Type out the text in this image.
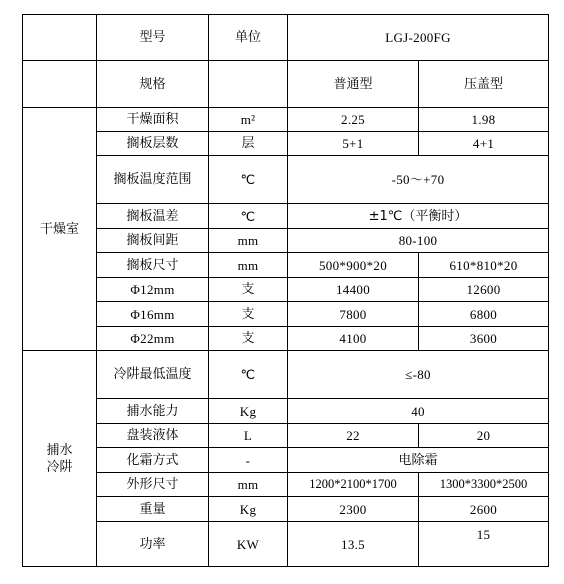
	型号	单位	LGJ-200FG	
	规格		普通型	压盖型
干燥室	干燥面积	m²	2.25	1.98
	搁板层数	层	5+1	4+1
	搁板温度范围	℃	-50～+70	
	搁板温差	℃	±1℃（平衡时）	
	搁板间距	mm	80-100	
	搁板尺寸	mm	500*900*20	610*810*20
	Φ12mm	支	14400	12600
	Φ16mm	支	7800	6800
	Φ22mm	支	4100	3600

捕水冷阱	冷阱最低温度	℃	≤-80	
	捕水能力	Kg	40	
	盘装液体	L	22	20
	化霜方式	-	电除霜	
	外形尺寸	mm	1200*2100*1700	1300*3300*2500
	重量	Kg	2300	2600
	功率	KW	13.5	15
